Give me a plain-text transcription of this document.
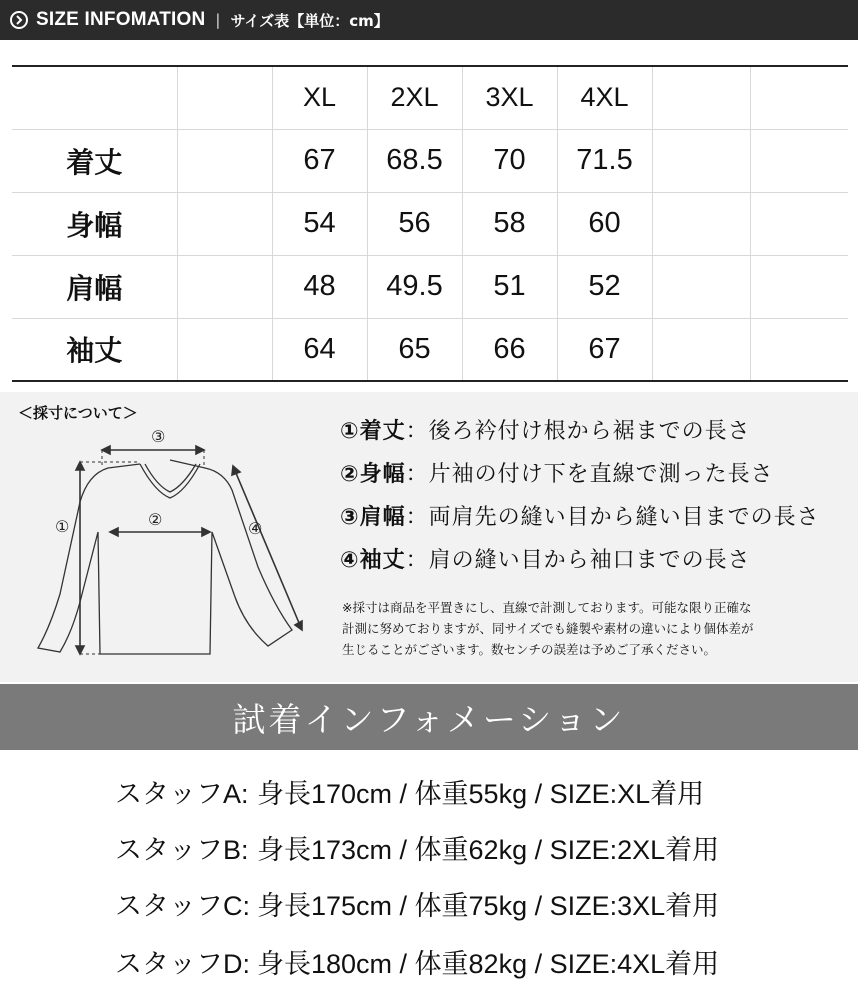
SIZE INFOMATION | サイズ表【単位：cm】
		XL	2XL	3XL	4XL		
着丈		67	68.5	70	71.5		
身幅		54	56	58	60		
肩幅		48	49.5	51	52		
袖丈		64	65	66	67		
＜採寸について＞
③
②
①	④
①着丈：後ろ衿付け根から裾までの長さ
②身幅：片袖の付け下を直線で測った長さ
③肩幅：両肩先の縫い目から縫い目までの長さ
④袖丈：肩の縫い目から袖口までの長さ
※採寸は商品を平置きにし、直線で計測しております。可能な限り正確な
計測に努めておりますが、同サイズでも縫製や素材の違いにより個体差が
生じることがございます。数センチの誤差は予めご了承ください。
試着インフォメーション
スタッフA: 身長170cm / 体重55kg / SIZE:XL着用
スタッフB: 身長173cm / 体重62kg / SIZE:2XL着用
スタッフC: 身長175cm / 体重75kg / SIZE:3XL着用
スタッフD: 身長180cm / 体重82kg / SIZE:4XL着用
